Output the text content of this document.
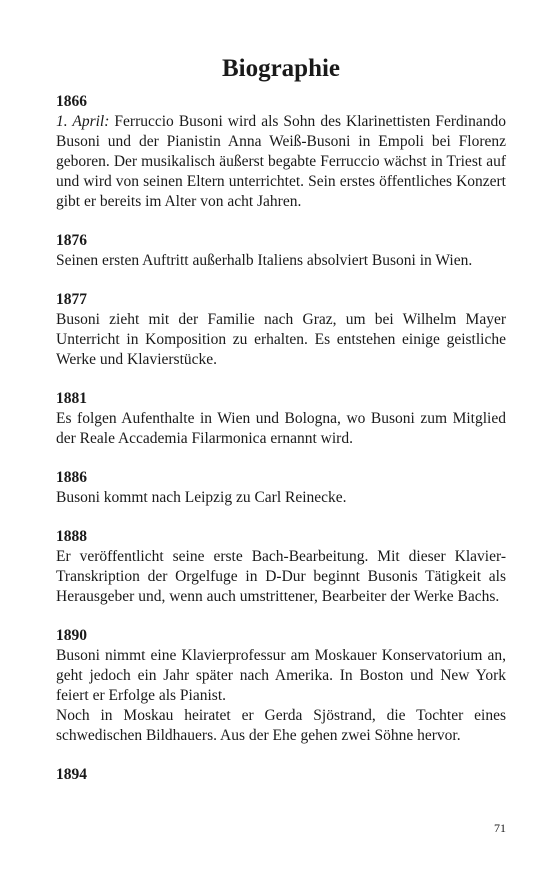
Biographie

1866

1. April: Ferruccio Busoni wird als Sohn des Klarinettisten Ferdinando Busoni und der Pianistin Anna Weiß-Busoni in Empoli bei Florenz geboren. Der musikalisch äußerst begabte Ferruccio wächst in Triest auf und wird von seinen Eltern unterrichtet. Sein erstes öffentliches Konzert gibt er bereits im Alter von acht Jahren.

1876

Seinen ersten Auftritt außerhalb Italiens absolviert Busoni in Wien.

1877

Busoni zieht mit der Familie nach Graz, um bei Wilhelm Mayer Unterricht in Komposition zu erhalten. Es entstehen einige geistliche Werke und Klavierstücke.

1881

Es folgen Aufenthalte in Wien und Bologna, wo Busoni zum Mitglied der Reale Accademia Filarmonica ernannt wird.

1886

Busoni kommt nach Leipzig zu Carl Reinecke.

1888

Er veröffentlicht seine erste Bach-Bearbeitung. Mit dieser Klavier-Transkription der Orgelfuge in D-Dur beginnt Busonis Tätigkeit als Herausgeber und, wenn auch umstrittener, Bearbeiter der Werke Bachs.

1890

Busoni nimmt eine Klavierprofessur am Moskauer Konservatorium an, geht jedoch ein Jahr später nach Amerika. In Boston und New York feiert er Erfolge als Pianist.

Noch in Moskau heiratet er Gerda Sjöstrand, die Tochter eines schwedischen Bildhauers. Aus der Ehe gehen zwei Söhne hervor.

1894

71
